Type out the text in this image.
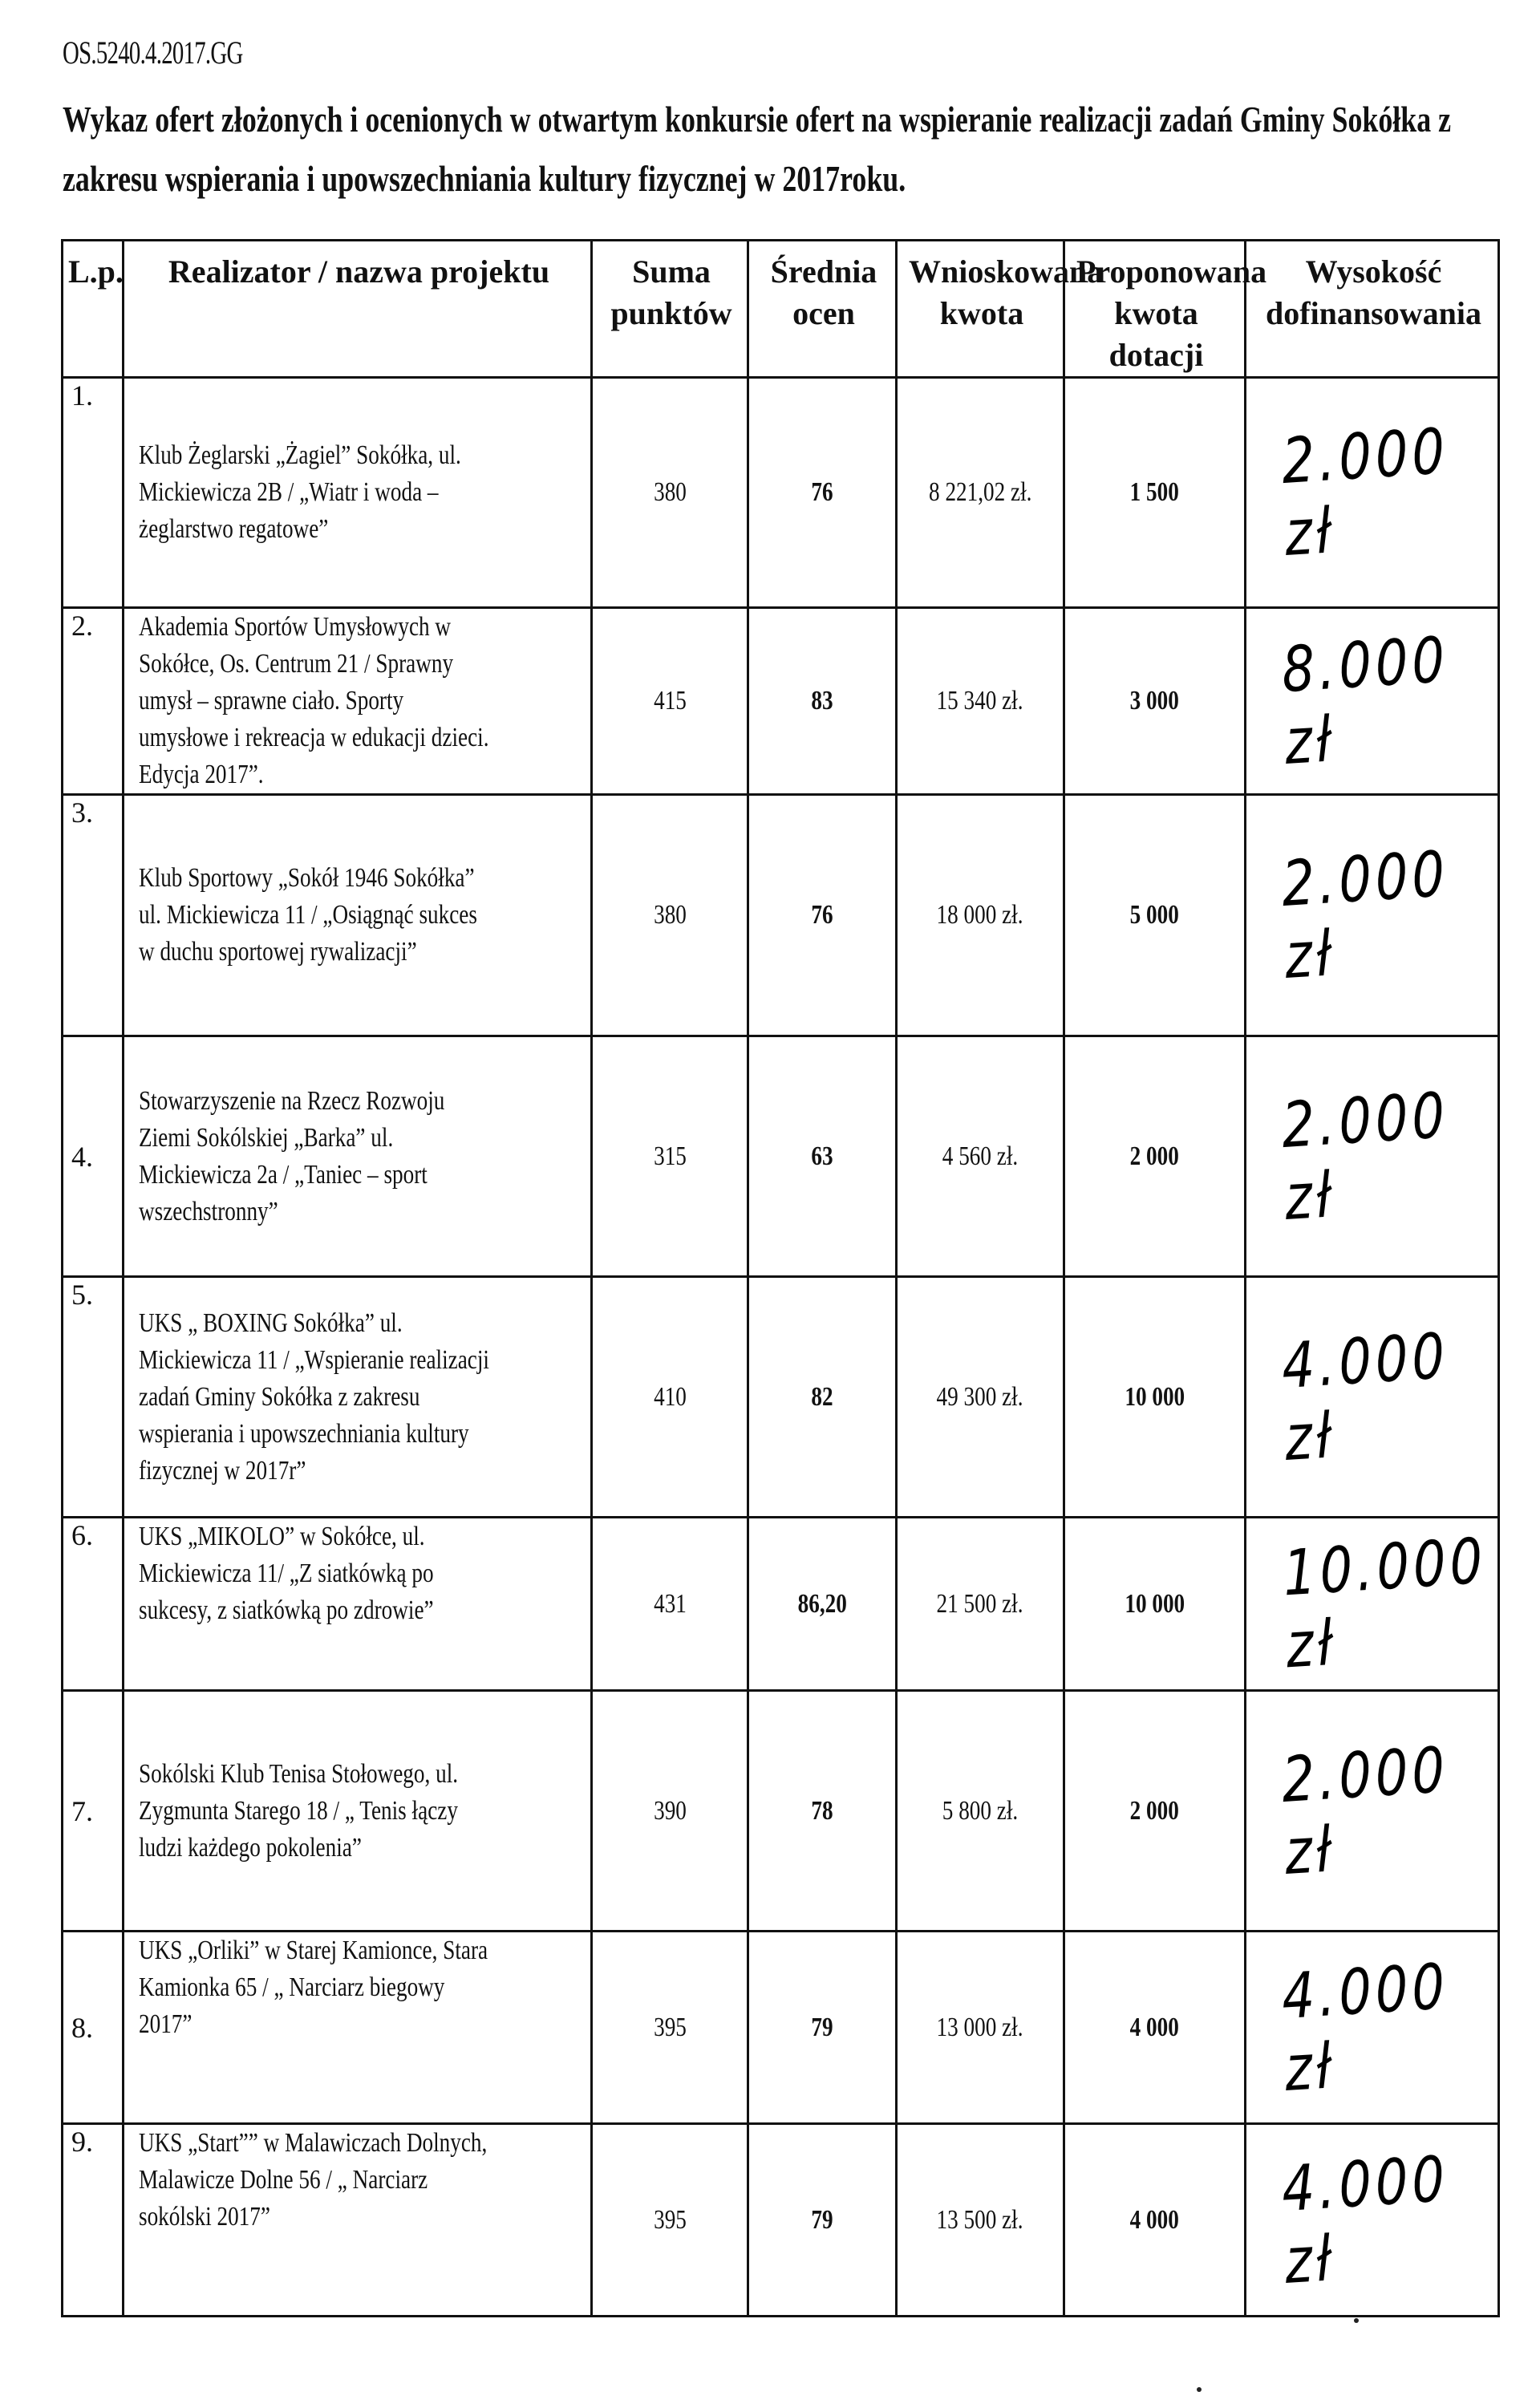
OS.5240.4.2017.GG
Wykaz ofert złożonych i ocenionych w otwartym konkursie ofert na wspieranie realizacji zadań Gminy Sokółka z zakresu wspierania i upowszechniania kultury fizycznej w 2017roku.
L.p.	Realizator / nazwa projektu	Suma punktów	Średnia ocen	Wnioskowana kwota	Proponowana kwota dotacji	Wysokość dofinansowania

1.	Klub Żeglarski „Żagiel” Sokółka, ul. Mickiewicza 2B / „Wiatr i woda – żeglarstwo regatowe”	380	76	8 221,02 zł.	1 500	2.000 zł

2.	Akademia Sportów Umysłowych w Sokółce, Os. Centrum 21 / Sprawny umysł – sprawne ciało. Sporty umysłowe i rekreacja w edukacji dzieci. Edycja 2017”.	415	83	15 340 zł.	3 000	8.000 zł

3.	Klub Sportowy „Sokół 1946 Sokółka” ul. Mickiewicza 11 / „Osiągnąć sukces w duchu sportowej rywalizacji”	380	76	18 000 zł.	5 000	2.000 zł

4.	Stowarzyszenie na Rzecz Rozwoju Ziemi Sokólskiej „Barka” ul. Mickiewicza 2a / „Taniec – sport wszechstronny”	315	63	4 560 zł.	2 000	2.000 zł

5.	UKS „ BOXING Sokółka” ul. Mickiewicza 11 / „Wspieranie realizacji zadań Gminy Sokółka z zakresu wspierania i upowszechniania kultury fizycznej w 2017r”	410	82	49 300 zł.	10 000	4.000 zł

6.	UKS „MIKOLO” w Sokółce, ul. Mickiewicza 11/ „Z siatkówką po sukcesy, z siatkówką po zdrowie”	431	86,20	21 500 zł.	10 000	10.000 zł

7.	Sokólski Klub Tenisa Stołowego, ul. Zygmunta Starego 18 / „ Tenis łączy ludzi każdego pokolenia”	390	78	5 800 zł.	2 000	2.000 zł

8.	UKS „Orliki” w Starej Kamionce, Stara Kamionka 65 / „ Narciarz biegowy 2017”	395	79	13 000 zł.	4 000	4.000 zł

9.	UKS „Start”” w Malawiczach Dolnych, Malawicze Dolne 56 / „ Narciarz sokólski 2017”	395	79	13 500 zł.	4 000	4.000 zł
